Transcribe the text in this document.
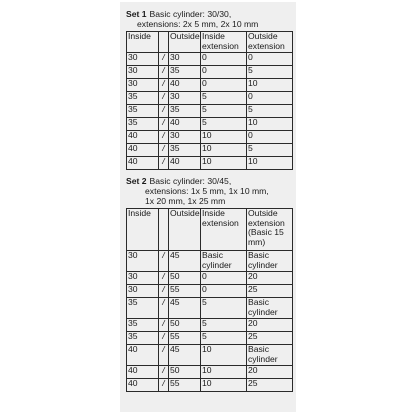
Set 1 Basic cylinder: 30/30,
extensions: 2x 5 mm, 2x 10 mm
Inside		Outside	Inside extension	Outside extension
30	/	30	0	0
30	/	35	0	5
30	/	40	0	10
35	/	30	5	0
35	/	35	5	5
35	/	40	5	10
40	/	30	10	0
40	/	35	10	5
40	/	40	10	10
Set 2 Basic cylinder: 30/45,
extensions: 1x 5 mm, 1x 10 mm,
1x 20 mm, 1x 25 mm
Inside		Outside	Inside extension	Outside extension (Basic 15 mm)
30	/	45	Basic cylinder	Basic cylinder
30	/	50	0	20
30	/	55	0	25
35	/	45	5	Basic cylinder
35	/	50	5	20
35	/	55	5	25
40	/	45	10	Basic cylinder
40	/	50	10	20
40	/	55	10	25
